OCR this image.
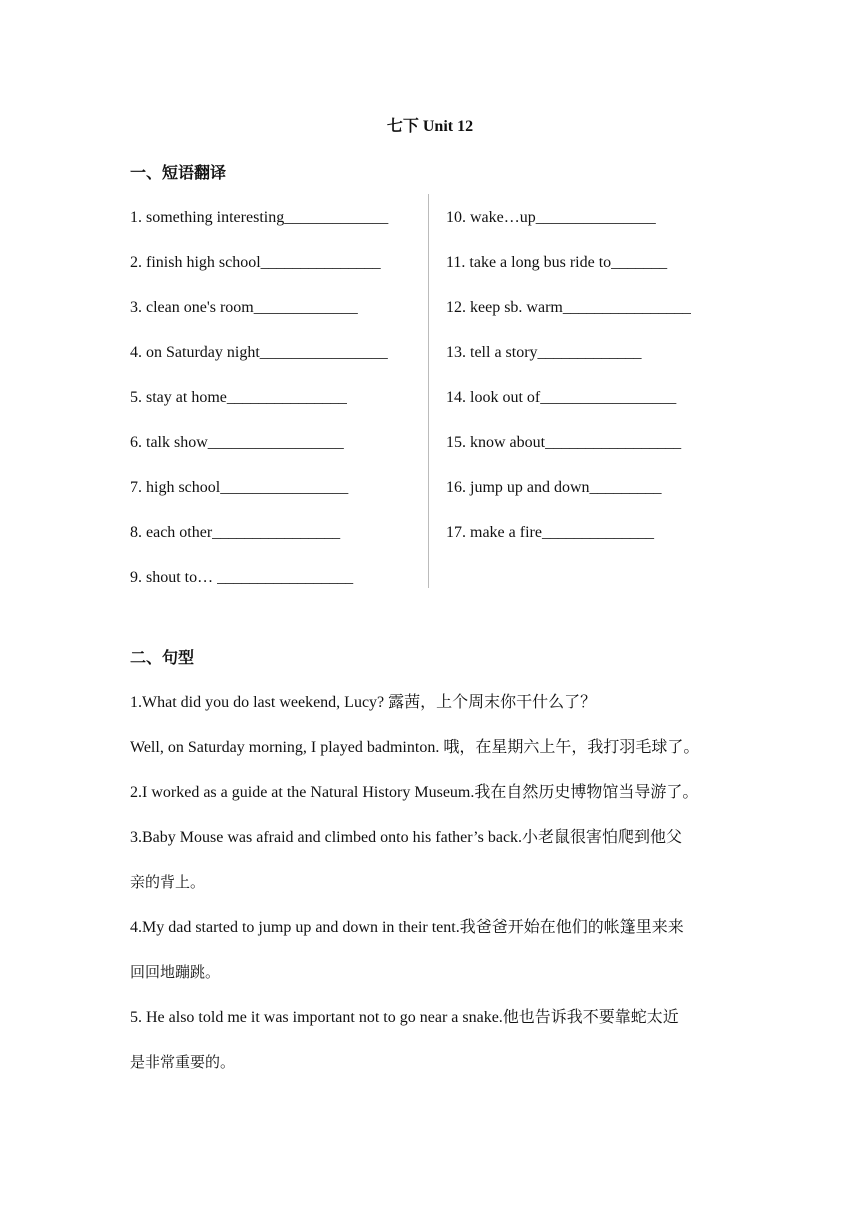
七下 Unit 12
一、短语翻译
1. something interesting_____________
2. finish high school_______________
3. clean one's room_____________
4. on Saturday night________________
5. stay at home_______________
6. talk show_________________
7. high school________________
8. each other________________
9. shout to… _________________
10. wake…up_______________
11. take a long bus ride to_______
12. keep sb. warm________________
13. tell a story_____________
14. look out of_________________
15. know about_________________
16. jump up and down_________
17. make a fire______________
二、句型
1.What did you do last weekend, Lucy? 露茜，上个周末你干什么了？
Well, on Saturday morning, I played badminton. 哦，在星期六上午，我打羽毛球了。
2.I worked as a guide at the Natural History Museum.我在自然历史博物馆当导游了。
3.Baby Mouse was afraid and climbed onto his father’s back.小老鼠很害怕爬到他父
亲的背上。
4.My dad started to jump up and down in their tent.我爸爸开始在他们的帐篷里来来
回回地蹦跳。
5. He also told me it was important not to go near a snake.他也告诉我不要靠蛇太近
是非常重要的。
